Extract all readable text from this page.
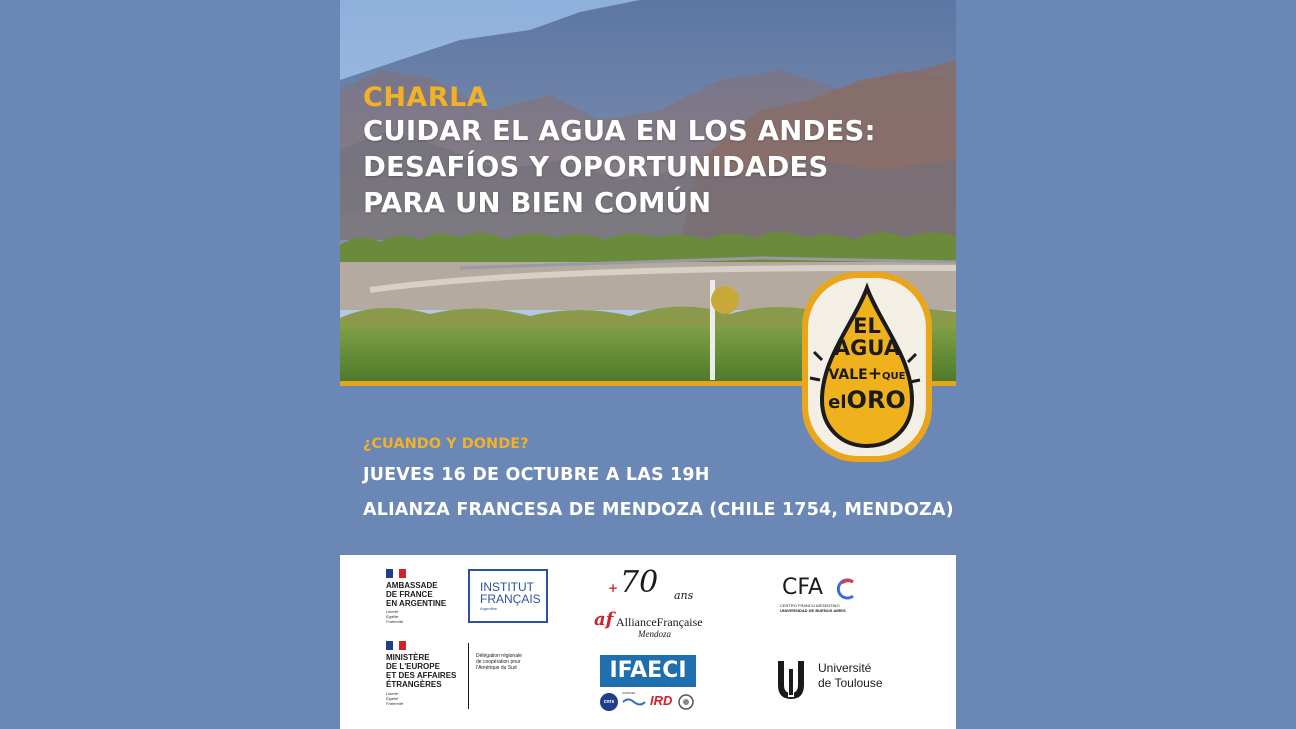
CHARLA
CUIDAR EL AGUA EN LOS ANDES:
DESAFÍOS Y OPORTUNIDADES
PARA UN BIEN COMÚN
EL
AGUA
VALE+QUE
elORO
¿CUANDO Y DONDE?
JUEVES 16 DE OCTUBRE A LAS 19H
ALIANZA FRANCESA DE MENDOZA (CHILE 1754, MENDOZA)
AMBASSADE
DE FRANCE
EN ARGENTINE
Liberté
Égalité
Fraternité
INSTITUT
FRANÇAIS
Argentine
+ 70 ans
af AllianceFrançaise
Mendoza
CFA
CENTRO FRANCO ARGENTINO
UNIVERSIDAD DE BUENOS AIRES
MINISTÈRE
DE L'EUROPE
ET DES AFFAIRES
ÉTRANGÈRES
Liberté
Égalité
Fraternité
Délégation régionale
de coopération pour
l'Amérique du Sud	IFAECI
cnrs
CONICET IRD
Université
de Toulouse
